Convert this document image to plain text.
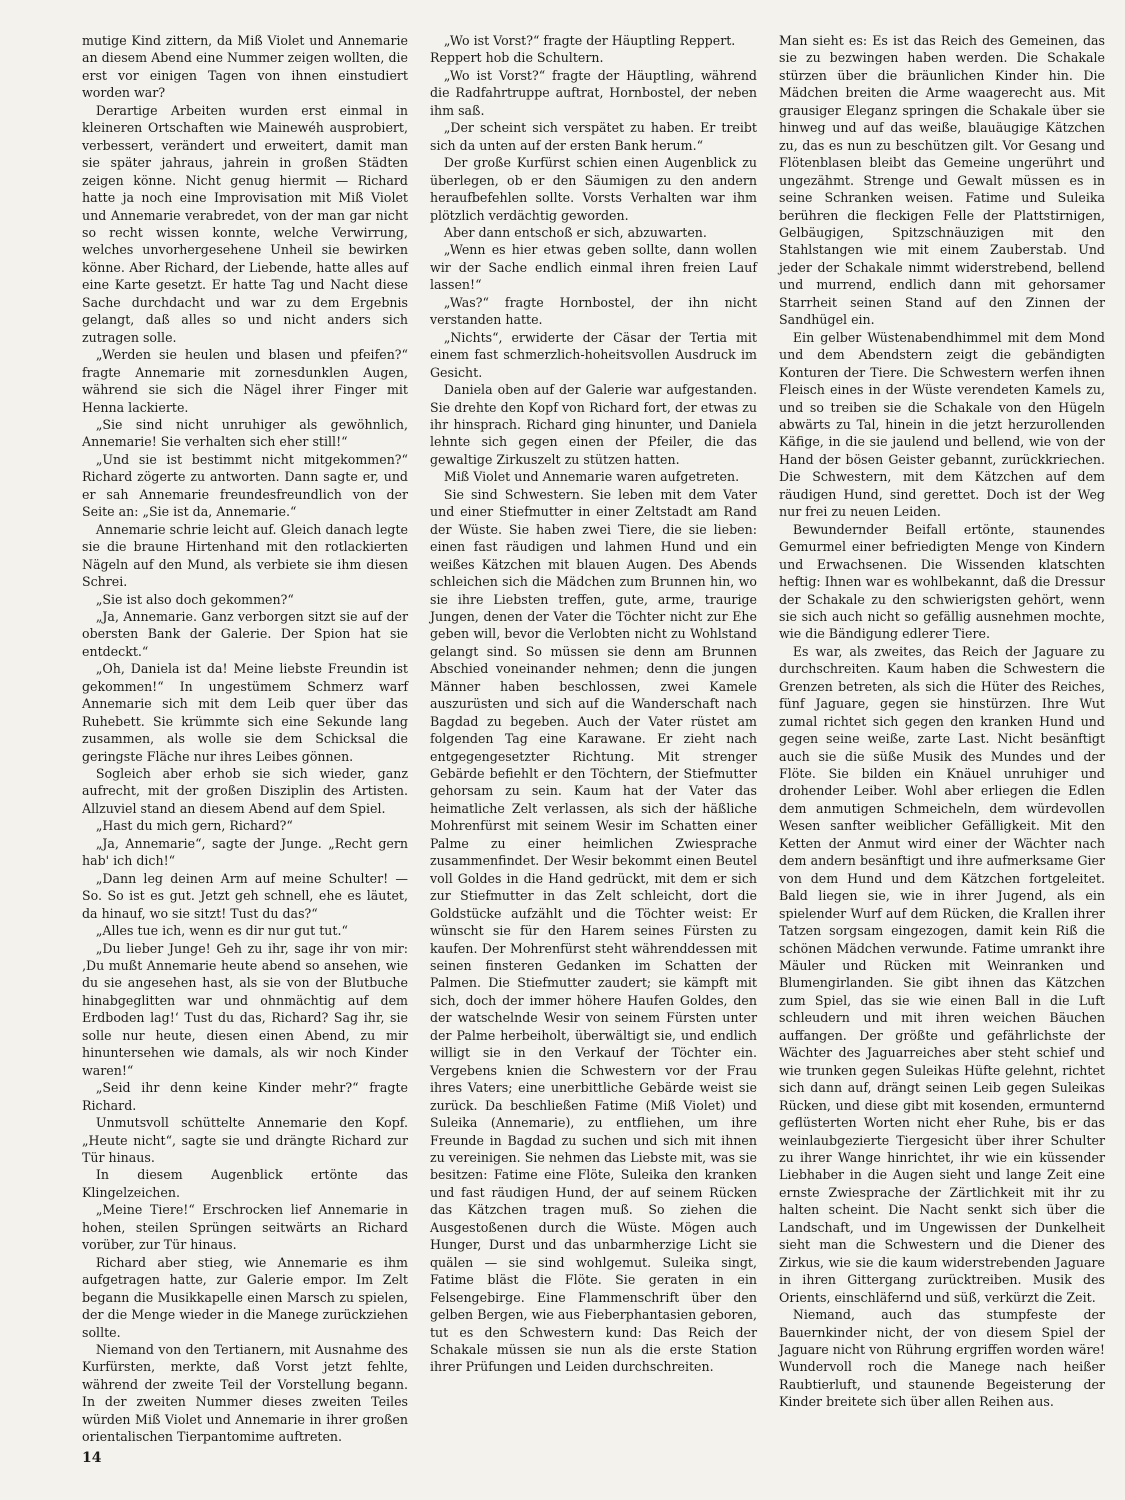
mutige Kind zittern, da Miß Violet und Annemarie an diesem Abend eine Nummer zeigen wollten, die erst vor einigen Tagen von ihnen einstudiert worden war?

Derartige Arbeiten wurden erst einmal in kleineren Ortschaften wie Mainewéh ausprobiert, verbessert, verändert und erweitert, damit man sie später jahraus, jahrein in großen Städten zeigen könne. Nicht genug hiermit — Richard hatte ja noch eine Improvisation mit Miß Violet und Annemarie verabredet, von der man gar nicht so recht wissen konnte, welche Verwirrung, welches unvorhergesehene Unheil sie bewirken könne. Aber Richard, der Liebende, hatte alles auf eine Karte gesetzt. Er hatte Tag und Nacht diese Sache durchdacht und war zu dem Ergebnis gelangt, daß alles so und nicht anders sich zutragen solle.

„Werden sie heulen und blasen und pfeifen?“ fragte Annemarie mit zornesdunklen Augen, während sie sich die Nägel ihrer Finger mit Henna lackierte.

„Sie sind nicht unruhiger als gewöhnlich, Annemarie! Sie verhalten sich eher still!“

„Und sie ist bestimmt nicht mitgekommen?“ Richard zögerte zu antworten. Dann sagte er, und er sah Annemarie freundesfreundlich von der Seite an: „Sie ist da, Annemarie.“

Annemarie schrie leicht auf. Gleich danach legte sie die braune Hirtenhand mit den rotlackierten Nägeln auf den Mund, als verbiete sie ihm diesen Schrei.

„Sie ist also doch gekommen?“

„Ja, Annemarie. Ganz verborgen sitzt sie auf der obersten Bank der Galerie. Der Spion hat sie entdeckt.“

„Oh, Daniela ist da! Meine liebste Freundin ist gekommen!“ In ungestümem Schmerz warf Annemarie sich mit dem Leib quer über das Ruhebett. Sie krümmte sich eine Sekunde lang zusammen, als wolle sie dem Schicksal die geringste Fläche nur ihres Leibes gönnen.

Sogleich aber erhob sie sich wieder, ganz aufrecht, mit der großen Disziplin des Artisten. Allzuviel stand an diesem Abend auf dem Spiel.

„Hast du mich gern, Richard?“

„Ja, Annemarie“, sagte der Junge. „Recht gern hab' ich dich!“

„Dann leg deinen Arm auf meine Schulter! — So. So ist es gut. Jetzt geh schnell, ehe es läutet, da hinauf, wo sie sitzt! Tust du das?“

„Alles tue ich, wenn es dir nur gut tut.“

„Du lieber Junge! Geh zu ihr, sage ihr von mir: ‚Du mußt Annemarie heute abend so ansehen, wie du sie angesehen hast, als sie von der Blutbuche hinabgeglitten war und ohnmächtig auf dem Erdboden lag!‘ Tust du das, Richard? Sag ihr, sie solle nur heute, diesen einen Abend, zu mir hinuntersehen wie damals, als wir noch Kinder waren!“

„Seid ihr denn keine Kinder mehr?“ fragte Richard.

Unmutsvoll schüttelte Annemarie den Kopf. „Heute nicht“, sagte sie und drängte Richard zur Tür hinaus.

In diesem Augenblick ertönte das Klingelzeichen.

„Meine Tiere!“ Erschrocken lief Annemarie in hohen, steilen Sprüngen seitwärts an Richard vorüber, zur Tür hinaus.

Richard aber stieg, wie Annemarie es ihm aufgetragen hatte, zur Galerie empor. Im Zelt begann die Musikkapelle einen Marsch zu spielen, der die Menge wieder in die Manege zurückziehen sollte.

Niemand von den Tertianern, mit Ausnahme des Kurfürsten, merkte, daß Vorst jetzt fehlte, während der zweite Teil der Vorstellung begann. In der zweiten Nummer dieses zweiten Teiles würden Miß Violet und Annemarie in ihrer großen orientalischen Tierpantomime auftreten.

„Wo ist Vorst?“ fragte der Häuptling Reppert.

Reppert hob die Schultern.

„Wo ist Vorst?“ fragte der Häuptling, während die Radfahrtruppe auftrat, Hornbostel, der neben ihm saß.

„Der scheint sich verspätet zu haben. Er treibt sich da unten auf der ersten Bank herum.“

Der große Kurfürst schien einen Augenblick zu überlegen, ob er den Säumigen zu den andern heraufbefehlen sollte. Vorsts Verhalten war ihm plötzlich verdächtig geworden.

Aber dann entschoß er sich, abzuwarten.

„Wenn es hier etwas geben sollte, dann wollen wir der Sache endlich einmal ihren freien Lauf lassen!“

„Was?“ fragte Hornbostel, der ihn nicht verstanden hatte.

„Nichts“, erwiderte der Cäsar der Tertia mit einem fast schmerzlich-hoheitsvollen Ausdruck im Gesicht.

Daniela oben auf der Galerie war aufgestanden. Sie drehte den Kopf von Richard fort, der etwas zu ihr hinsprach. Richard ging hinunter, und Daniela lehnte sich gegen einen der Pfeiler, die das gewaltige Zirkuszelt zu stützen hatten.

Miß Violet und Annemarie waren aufgetreten.

Sie sind Schwestern. Sie leben mit dem Vater und einer Stiefmutter in einer Zeltstadt am Rand der Wüste. Sie haben zwei Tiere, die sie lieben: einen fast räudigen und lahmen Hund und ein weißes Kätzchen mit blauen Augen. Des Abends schleichen sich die Mädchen zum Brunnen hin, wo sie ihre Liebsten treffen, gute, arme, traurige Jungen, denen der Vater die Töchter nicht zur Ehe geben will, bevor die Verlobten nicht zu Wohlstand gelangt sind. So müssen sie denn am Brunnen Abschied voneinander nehmen; denn die jungen Männer haben beschlossen, zwei Kamele auszurüsten und sich auf die Wanderschaft nach Bagdad zu begeben. Auch der Vater rüstet am folgenden Tag eine Karawane. Er zieht nach entgegengesetzter Richtung. Mit strenger Gebärde befiehlt er den Töchtern, der Stiefmutter gehorsam zu sein. Kaum hat der Vater das heimatliche Zelt verlassen, als sich der häßliche Mohrenfürst mit seinem Wesir im Schatten einer Palme zu einer heimlichen Zwiesprache zusammenfindet. Der Wesir bekommt einen Beutel voll Goldes in die Hand gedrückt, mit dem er sich zur Stiefmutter in das Zelt schleicht, dort die Goldstücke aufzählt und die Töchter weist: Er wünscht sie für den Harem seines Fürsten zu kaufen. Der Mohrenfürst steht währenddessen mit seinen finsteren Gedanken im Schatten der Palmen. Die Stiefmutter zaudert; sie kämpft mit sich, doch der immer höhere Haufen Goldes, den der watschelnde Wesir von seinem Fürsten unter der Palme herbeiholt, überwältigt sie, und endlich willigt sie in den Verkauf der Töchter ein. Vergebens knien die Schwestern vor der Frau ihres Vaters; eine unerbittliche Gebärde weist sie zurück. Da beschließen Fatime (Miß Violet) und Suleika (Annemarie), zu entfliehen, um ihre Freunde in Bagdad zu suchen und sich mit ihnen zu vereinigen. Sie nehmen das Liebste mit, was sie besitzen: Fatime eine Flöte, Suleika den kranken und fast räudigen Hund, der auf seinem Rücken das Kätzchen tragen muß. So ziehen die Ausgestoßenen durch die Wüste. Mögen auch Hunger, Durst und das unbarmherzige Licht sie quälen — sie sind wohlgemut. Suleika singt, Fatime bläst die Flöte. Sie geraten in ein Felsengebirge. Eine Flammenschrift über den gelben Bergen, wie aus Fieberphantasien geboren, tut es den Schwestern kund: Das Reich der Schakale müssen sie nun als die erste Station ihrer Prüfungen und Leiden durchschreiten.

Man sieht es: Es ist das Reich des Gemeinen, das sie zu bezwingen haben werden. Die Schakale stürzen über die bräunlichen Kinder hin. Die Mädchen breiten die Arme waagerecht aus. Mit grausiger Eleganz springen die Schakale über sie hinweg und auf das weiße, blauäugige Kätzchen zu, das es nun zu beschützen gilt. Vor Gesang und Flötenblasen bleibt das Gemeine ungerührt und ungezähmt. Strenge und Gewalt müssen es in seine Schranken weisen. Fatime und Suleika berühren die fleckigen Felle der Plattstirnigen, Gelbäugigen, Spitzschnäuzigen mit den Stahlstangen wie mit einem Zauberstab. Und jeder der Schakale nimmt widerstrebend, bellend und murrend, endlich dann mit gehorsamer Starrheit seinen Stand auf den Zinnen der Sandhügel ein.

Ein gelber Wüstenabendhimmel mit dem Mond und dem Abendstern zeigt die gebändigten Konturen der Tiere. Die Schwestern werfen ihnen Fleisch eines in der Wüste verendeten Kamels zu, und so treiben sie die Schakale von den Hügeln abwärts zu Tal, hinein in die jetzt herzurollenden Käfige, in die sie jaulend und bellend, wie von der Hand der bösen Geister gebannt, zurückkriechen. Die Schwestern, mit dem Kätzchen auf dem räudigen Hund, sind gerettet. Doch ist der Weg nur frei zu neuen Leiden.

Bewundernder Beifall ertönte, staunendes Gemurmel einer befriedigten Menge von Kindern und Erwachsenen. Die Wissenden klatschten heftig: Ihnen war es wohlbekannt, daß die Dressur der Schakale zu den schwierigsten gehört, wenn sie sich auch nicht so gefällig ausnehmen mochte, wie die Bändigung edlerer Tiere.

Es war, als zweites, das Reich der Jaguare zu durchschreiten. Kaum haben die Schwestern die Grenzen betreten, als sich die Hüter des Reiches, fünf Jaguare, gegen sie hinstürzen. Ihre Wut zumal richtet sich gegen den kranken Hund und gegen seine weiße, zarte Last. Nicht besänftigt auch sie die süße Musik des Mundes und der Flöte. Sie bilden ein Knäuel unruhiger und drohender Leiber. Wohl aber erliegen die Edlen dem anmutigen Schmeicheln, dem würdevollen Wesen sanfter weiblicher Gefälligkeit. Mit den Ketten der Anmut wird einer der Wächter nach dem andern besänftigt und ihre aufmerksame Gier von dem Hund und dem Kätzchen fortgeleitet. Bald liegen sie, wie in ihrer Jugend, als ein spielender Wurf auf dem Rücken, die Krallen ihrer Tatzen sorgsam eingezogen, damit kein Riß die schönen Mädchen verwunde. Fatime umrankt ihre Mäuler und Rücken mit Weinranken und Blumengirlanden. Sie gibt ihnen das Kätzchen zum Spiel, das sie wie einen Ball in die Luft schleudern und mit ihren weichen Bäuchen auffangen. Der größte und gefährlichste der Wächter des Jaguarreiches aber steht schief und wie trunken gegen Suleikas Hüfte gelehnt, richtet sich dann auf, drängt seinen Leib gegen Suleikas Rücken, und diese gibt mit kosenden, ermunternd geflüsterten Worten nicht eher Ruhe, bis er das weinlaubgezierte Tiergesicht über ihrer Schulter zu ihrer Wange hinrichtet, ihr wie ein küssender Liebhaber in die Augen sieht und lange Zeit eine ernste Zwiesprache der Zärtlichkeit mit ihr zu halten scheint. Die Nacht senkt sich über die Landschaft, und im Ungewissen der Dunkelheit sieht man die Schwestern und die Diener des Zirkus, wie sie die kaum widerstrebenden Jaguare in ihren Gittergang zurücktreiben. Musik des Orients, einschläfernd und süß, verkürzt die Zeit.

Niemand, auch das stumpfeste der Bauernkinder nicht, der von diesem Spiel der Jaguare nicht von Rührung ergriffen worden wäre! Wundervoll roch die Manege nach heißer Raubtierluft, und staunende Begeisterung der Kinder breitete sich über allen Reihen aus.

14
